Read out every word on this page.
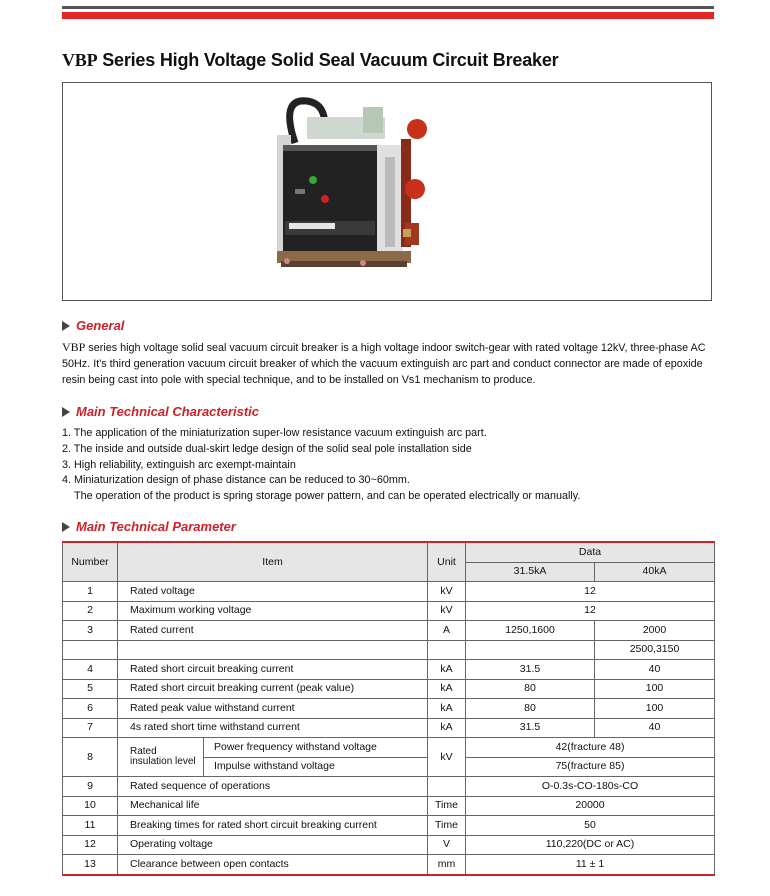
VBP Series High Voltage Solid Seal Vacuum Circuit Breaker
General
VBP series high voltage solid seal vacuum circuit breaker is a high voltage indoor switch-gear with rated voltage 12kV, three-phase AC 50Hz. It's third generation vacuum circuit breaker of which the vacuum extinguish arc part and conduct connector are made of epoxide resin being cast into pole with special technique, and to be installed on Vs1 mechanism to produce.
Main Technical Characteristic
1. The application of the miniaturization super-low resistance vacuum extinguish arc part.
2. The inside and outside dual-skirt ledge design of the solid seal pole installation side
3. High reliability, extinguish arc exempt-maintain
4. Miniaturization design of phase distance can be reduced to 30~60mm.
The operation of the product is spring storage power pattern, and can be operated electrically or manually.
Main Technical Parameter
Number	Item		Unit	Data	
				31.5kA	40kA
1	Rated voltage		kV	12	
2	Maximum working voltage		kV	12	
3	Rated current		A	1250,1600	2000
					2500,3150
4	Rated short circuit breaking current		kA	31.5	40
5	Rated short circuit breaking current (peak value)		kA	80	100
6	Rated peak value withstand current		kA	80	100
7	4s rated short time withstand current		kA	31.5	40
8	Rated
insulation level	Power frequency withstand voltage	kV	42(fracture 48)	
		Impulse withstand voltage		75(fracture 85)	
9	Rated sequence of operations			O-0.3s-CO-180s-CO	
10	Mechanical life		Time	20000	
11	Breaking times for rated short circuit breaking current		Time	50	
12	Operating voltage		V	110,220(DC or AC)	
13	Clearance between open contacts		mm	11 ± 1	
